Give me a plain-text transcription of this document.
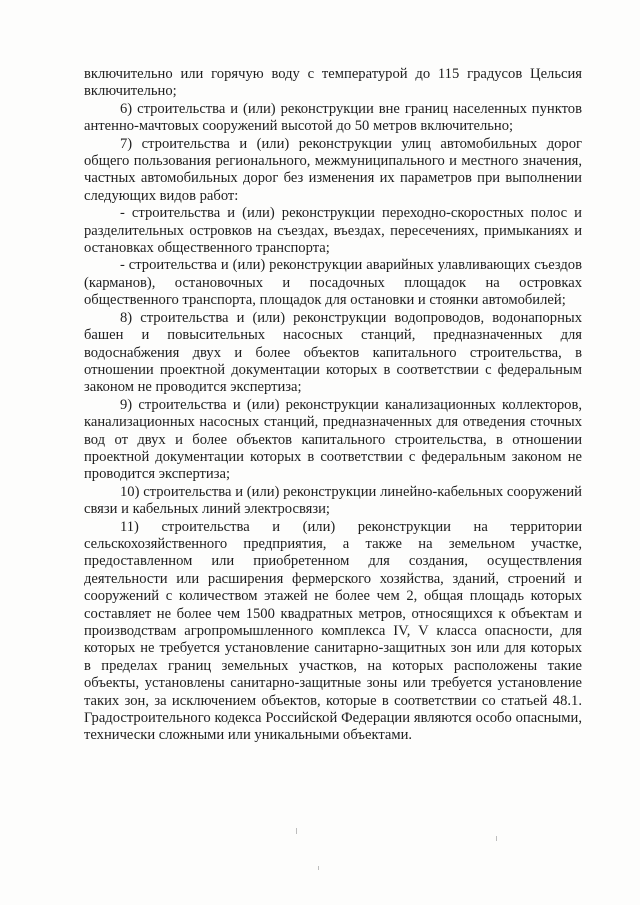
включительно или горячую воду с температурой до 115 градусов Цельсия включительно;

6) строительства и (или) реконструкции вне границ населенных пунктов антенно-мачтовых сооружений высотой до 50 метров включительно;

7) строительства и (или) реконструкции улиц автомобильных дорог общего пользования регионального, межмуниципального и местного значения, частных автомобильных дорог без изменения их параметров при выполнении следующих видов работ:

- строительства и (или) реконструкции переходно-скоростных полос и разделительных островков на съездах, въездах, пересечениях, примыканиях и остановках общественного транспорта;

- строительства и (или) реконструкции аварийных улавливающих съездов (карманов), остановочных и посадочных площадок на островках общественного транспорта, площадок для остановки и стоянки автомобилей;

8) строительства и (или) реконструкции водопроводов, водонапорных башен и повысительных насосных станций, предназначенных для водоснабжения двух и более объектов капитального строительства, в отношении проектной документации которых в соответствии с федеральным законом не проводится экспертиза;

9) строительства и (или) реконструкции канализационных коллекторов, канализационных насосных станций, предназначенных для отведения сточных вод от двух и более объектов капитального строительства, в отношении проектной документации которых в соответствии с федеральным законом не проводится экспертиза;

10) строительства и (или) реконструкции линейно-кабельных сооружений связи и кабельных линий электросвязи;

11) строительства и (или) реконструкции на территории сельскохозяйственного предприятия, а также на земельном участке, предоставленном или приобретенном для создания, осуществления деятельности или расширения фермерского хозяйства, зданий, строений и сооружений с количеством этажей не более чем 2, общая площадь которых составляет не более чем 1500 квадратных метров, относящихся к объектам и производствам агропромышленного комплекса IV, V класса опасности, для которых не требуется установление санитарно-защитных зон или для которых в пределах границ земельных участков, на которых расположены такие объекты, установлены санитарно-защитные зоны или требуется установление таких зон, за исключением объектов, которые в соответствии со статьей 48.1. Градостроительного кодекса Российской Федерации являются особо опасными, технически сложными или уникальными объектами.
